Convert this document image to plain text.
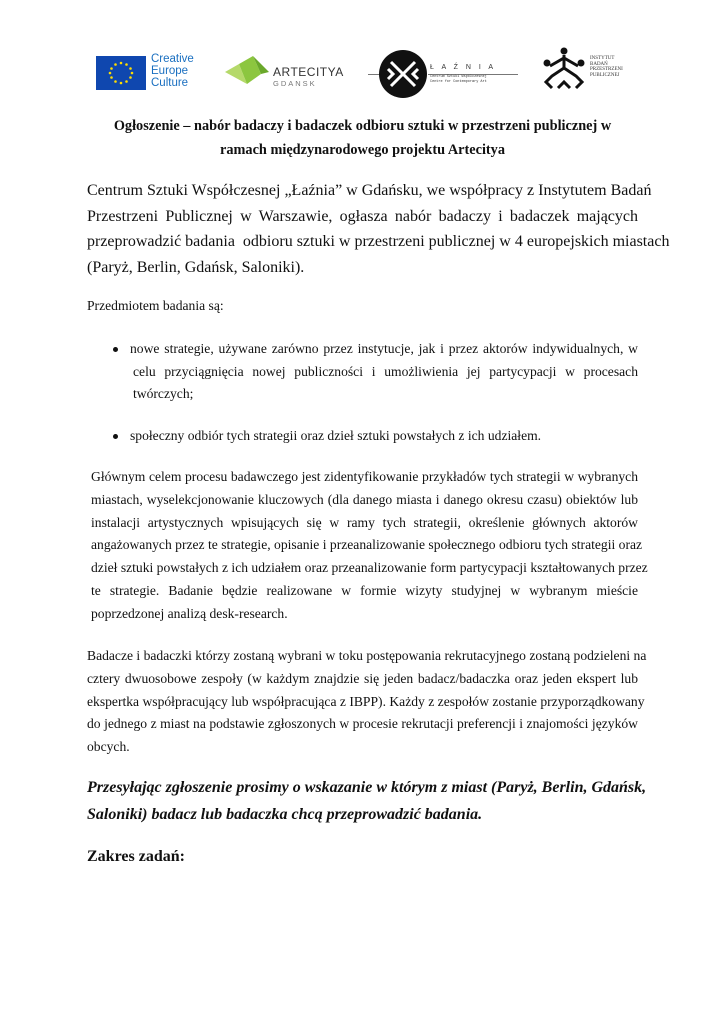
Creative
Europe
Culture
ARTECITYA
GDANSK
Ł A Ź N I A
Centrum Sztuki Współczesnej
Centre for Contemporary Art
INSTYTUT
BADAŃ
PRZESTRZENI
PUBLICZNEJ
Ogłoszenie – nabór badaczy i badaczek odbioru sztuki w przestrzeni publicznej w
ramach międzynarodowego projektu Artecitya
Centrum Sztuki Współczesnej „Łaźnia” w Gdańsku, we współpracy z Instytutem Badań
Przestrzeni Publicznej w Warszawie, ogłasza nabór badaczy i badaczek mających
przeprowadzić badania  odbioru sztuki w przestrzeni publicznej w 4 europejskich miastach
(Paryż, Berlin, Gdańsk, Saloniki).
Przedmiotem badania są:
nowe strategie, używane zarówno przez instytucje, jak i przez aktorów indywidualnych, w
celu przyciągnięcia nowej publiczności i umożliwienia jej partycypacji w procesach
twórczych;
społeczny odbiór tych strategii oraz dzieł sztuki powstałych z ich udziałem.
Głównym celem procesu badawczego jest zidentyfikowanie przykładów tych strategii w wybranych
miastach, wyselekcjonowanie kluczowych (dla danego miasta i danego okresu czasu) obiektów lub
instalacji artystycznych wpisujących się w ramy tych strategii, określenie głównych aktorów
angażowanych przez te strategie, opisanie i przeanalizowanie społecznego odbioru tych strategii oraz
dzieł sztuki powstałych z ich udziałem oraz przeanalizowanie form partycypacji kształtowanych przez
te strategie. Badanie będzie realizowane w formie wizyty studyjnej w wybranym mieście
poprzedzonej analizą desk-research.
Badacze i badaczki którzy zostaną wybrani w toku postępowania rekrutacyjnego zostaną podzieleni na
cztery dwuosobowe zespoły (w każdym znajdzie się jeden badacz/badaczka oraz jeden ekspert lub
ekspertka współpracujący lub współpracująca z IBPP). Każdy z zespołów zostanie przyporządkowany
do jednego z miast na podstawie zgłoszonych w procesie rekrutacji preferencji i znajomości języków
obcych.
Przesyłając zgłoszenie prosimy o wskazanie w którym z miast (Paryż, Berlin, Gdańsk,
Saloniki) badacz lub badaczka chcą przeprowadzić badania.
Zakres zadań:
